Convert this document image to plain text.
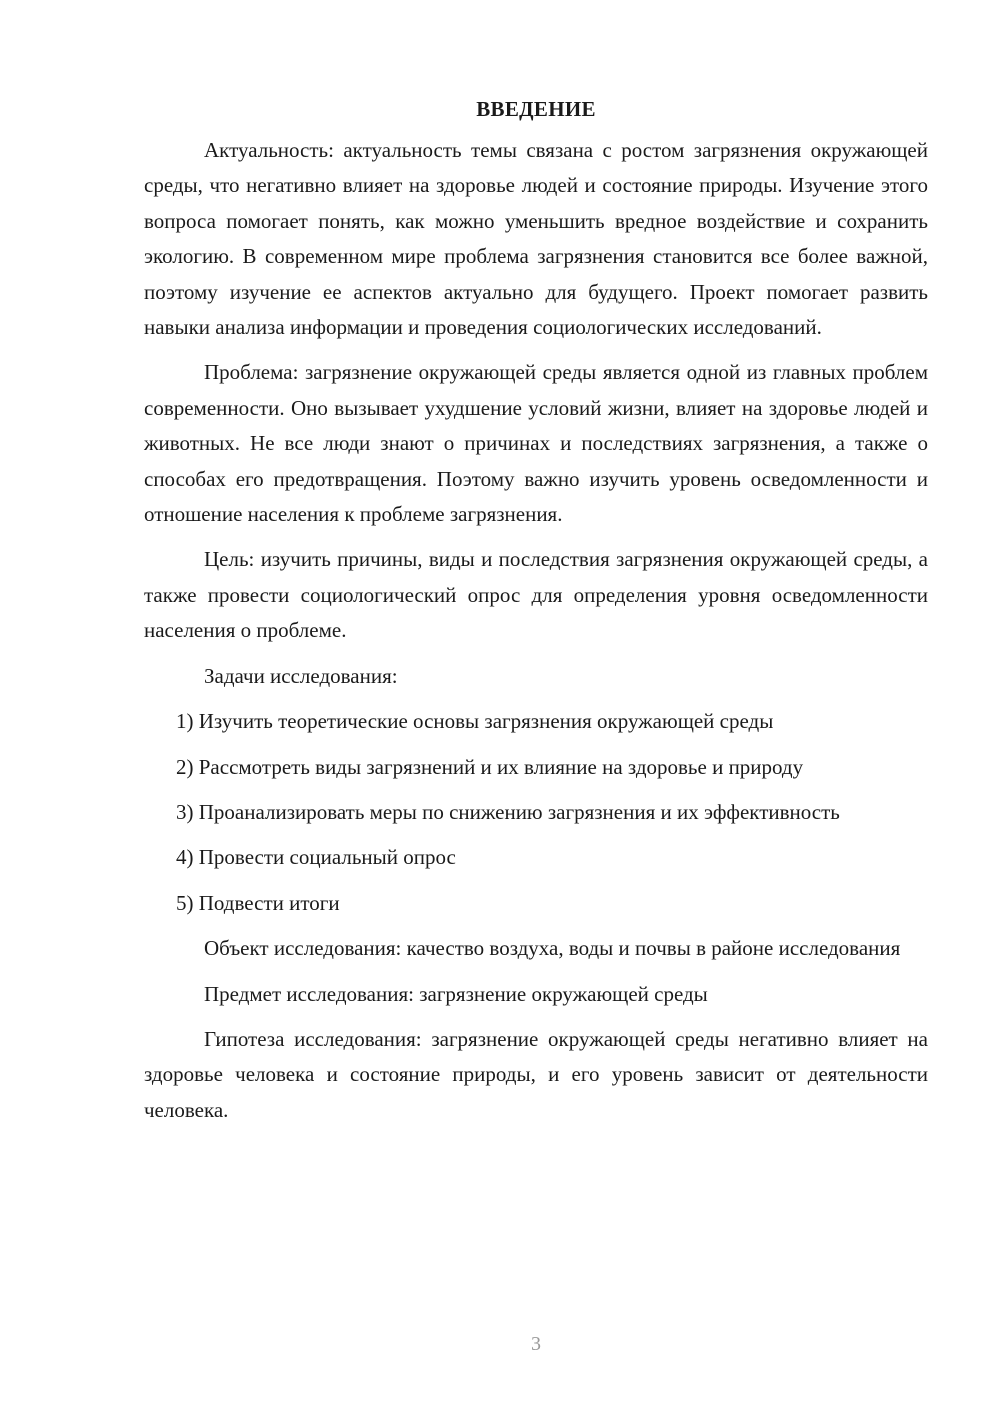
ВВЕДЕНИЕ

Актуальность: актуальность темы связана с ростом загрязнения окружающей среды, что негативно влияет на здоровье людей и состояние природы. Изучение этого вопроса помогает понять, как можно уменьшить вредное воздействие и сохранить экологию. В современном мире проблема загрязнения становится все более важной, поэтому изучение ее аспектов актуально для будущего. Проект помогает развить навыки анализа информации и проведения социологических исследований.

Проблема: загрязнение окружающей среды является одной из главных проблем современности. Оно вызывает ухудшение условий жизни, влияет на здоровье людей и животных. Не все люди знают о причинах и последствиях загрязнения, а также о способах его предотвращения. Поэтому важно изучить уровень осведомленности и отношение населения к проблеме загрязнения.

Цель: изучить причины, виды и последствия загрязнения окружающей среды, а также провести социологический опрос для определения уровня осведомленности населения о проблеме.

Задачи исследования:

1) Изучить теоретические основы загрязнения окружающей среды

2) Рассмотреть виды загрязнений и их влияние на здоровье и природу

3) Проанализировать меры по снижению загрязнения и их эффективность

4) Провести социальный опрос

5) Подвести итоги

Объект исследования: качество воздуха, воды и почвы в районе исследования

Предмет исследования: загрязнение окружающей среды

Гипотеза исследования: загрязнение окружающей среды негативно влияет на здоровье человека и состояние природы, и его уровень зависит от деятельности человека.

3
